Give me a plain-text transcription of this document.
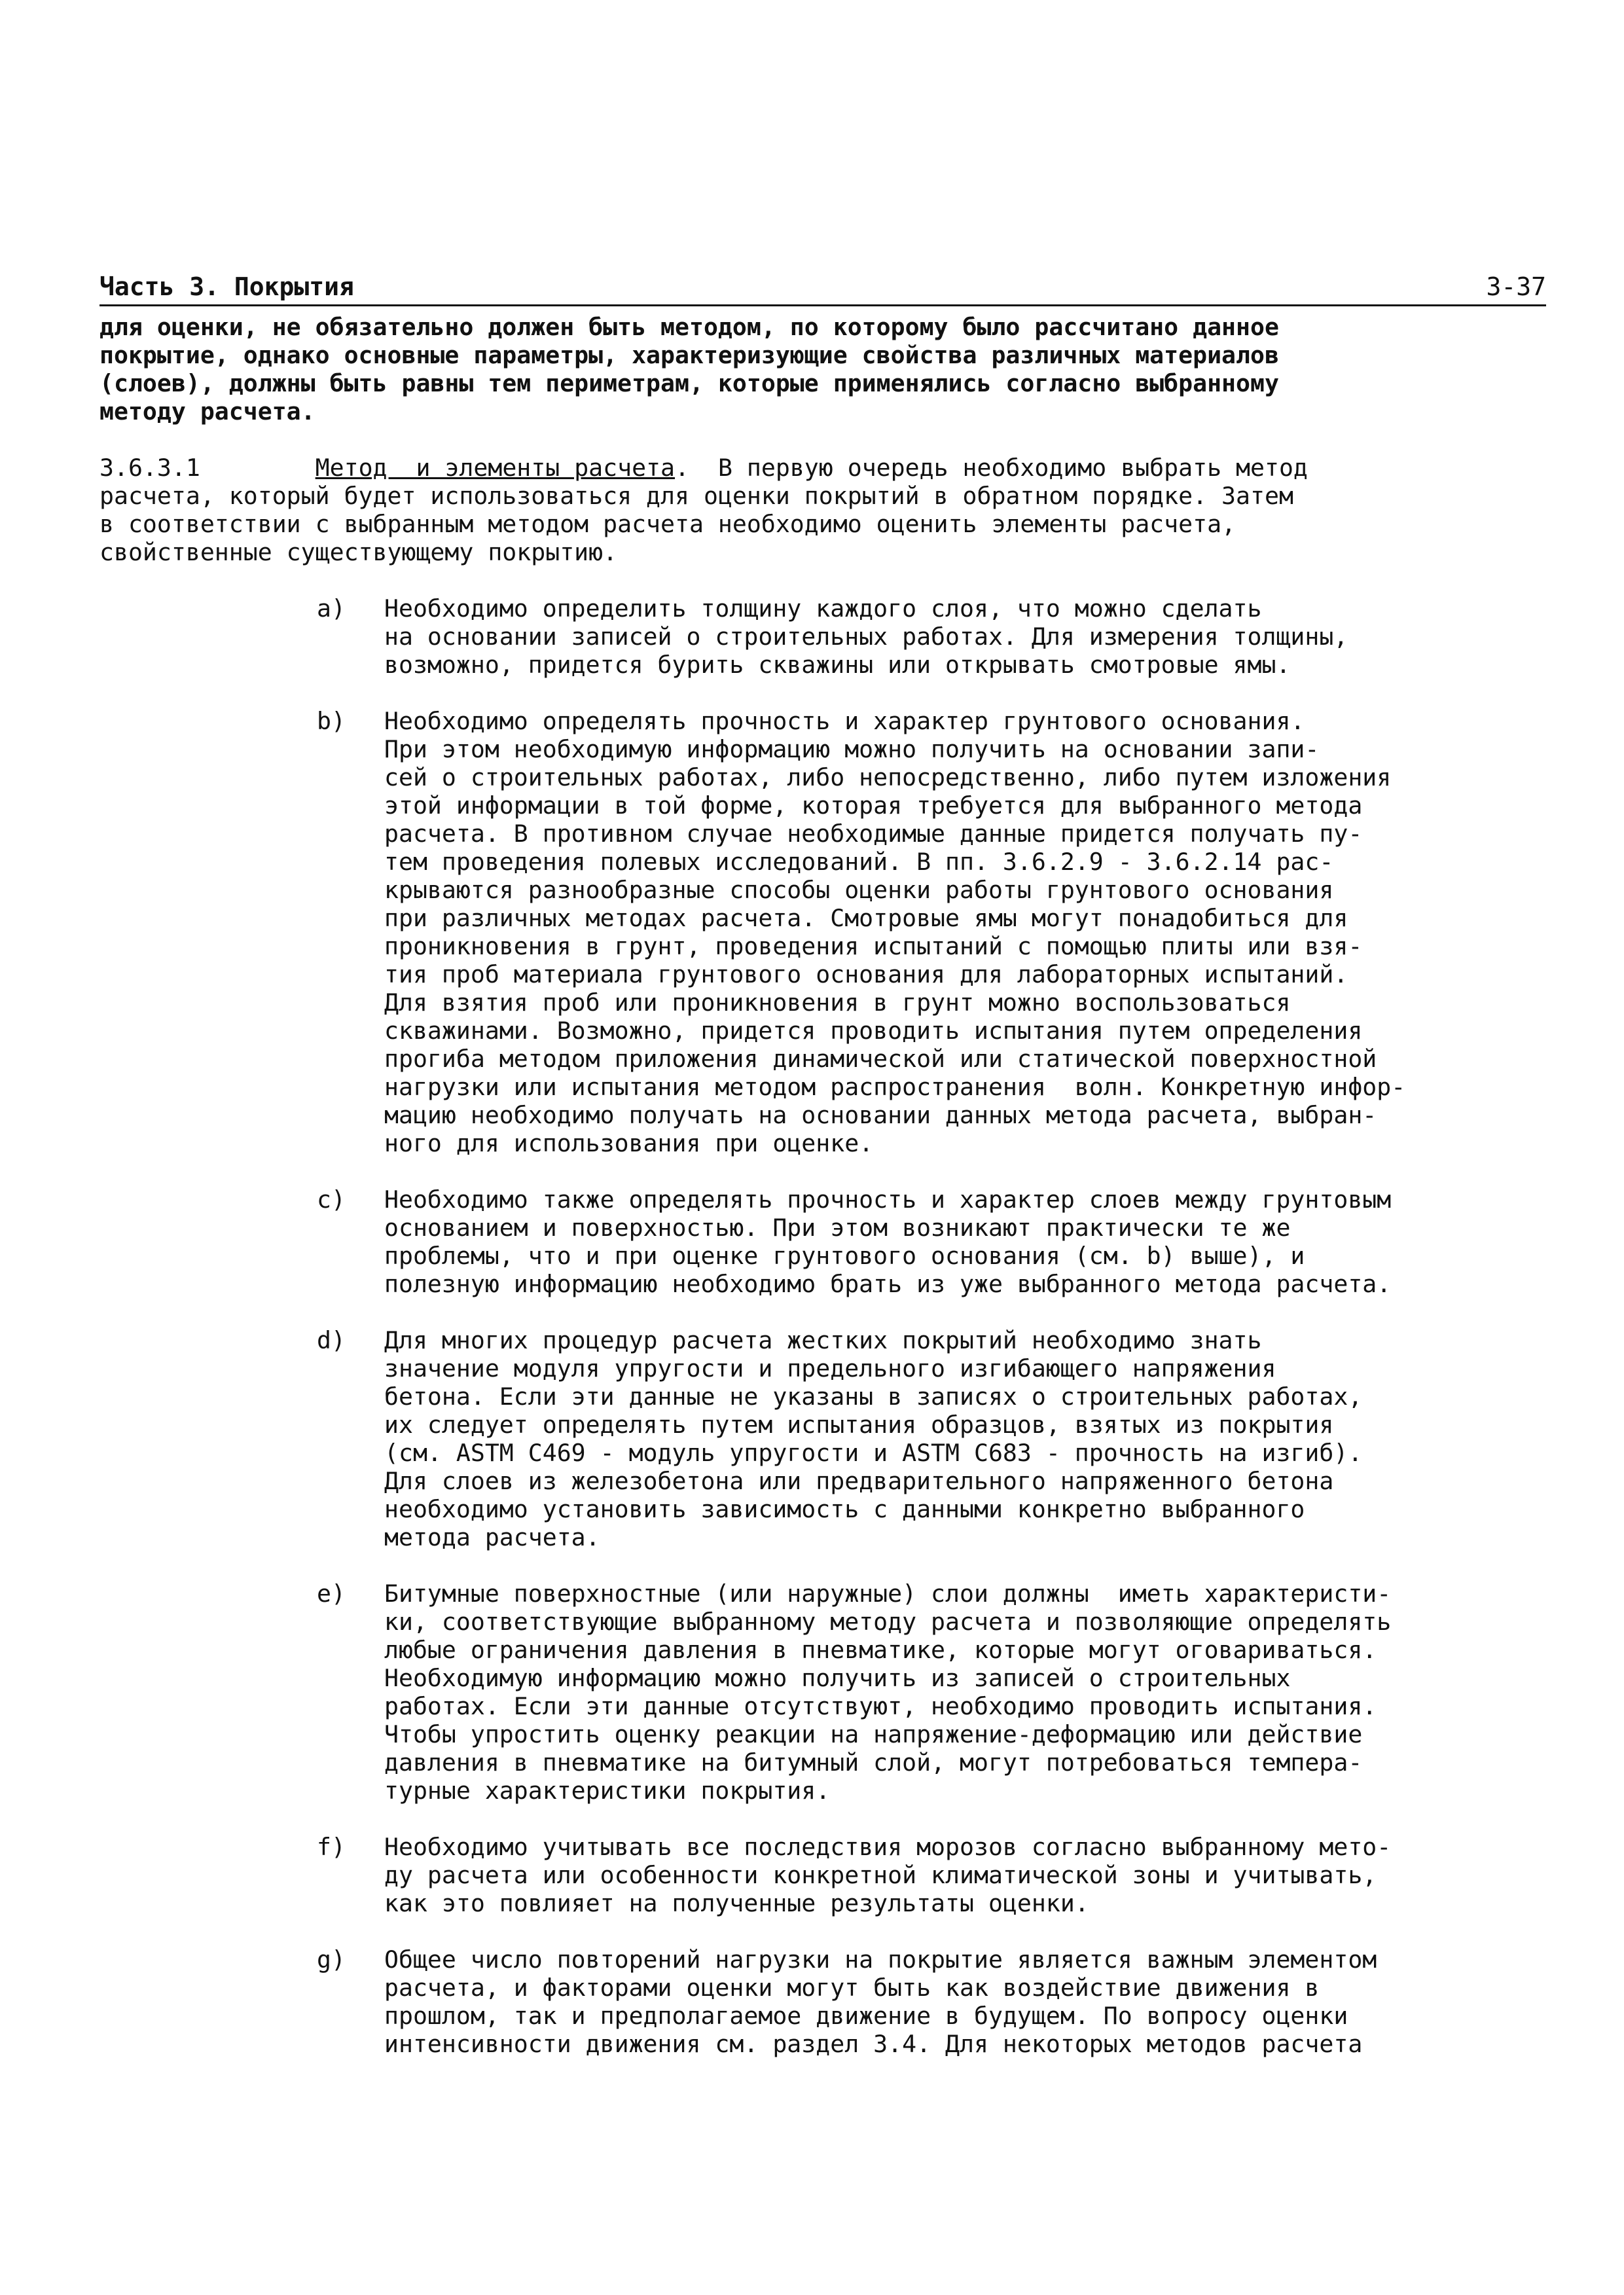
Часть 3. Покрытия	3-37

для оценки, не обязательно должен быть методом, по которому было рассчитано данное
покрытие, однако основные параметры, характеризующие свойства различных материалов
(слоев), должны быть равны тем периметрам, которые применялись согласно выбранному
методу расчета.

3.6.3.1	Метод  и элементы расчета.  В первую очередь необходимо выбрать метод

расчета, который будет использоваться для оценки покрытий в обратном порядке. Затем
в соответствии с выбранным методом расчета необходимо оценить элементы расчета,
свойственные существующему покрытию.

a) Необходимо определить толщину каждого слоя, что можно сделать
на основании записей о строительных работах. Для измерения толщины,
возможно, придется бурить скважины или открывать смотровые ямы.

b) Необходимо определять прочность и характер грунтового основания.
При этом необходимую информацию можно получить на основании запи-
сей о строительных работах, либо непосредственно, либо путем изложения
этой информации в той форме, которая требуется для выбранного метода
расчета. В противном случае необходимые данные придется получать пу-
тем проведения полевых исследований. В пп. 3.6.2.9 - 3.6.2.14 рас-
крываются разнообразные способы оценки работы грунтового основания
при различных методах расчета. Смотровые ямы могут понадобиться для
проникновения в грунт, проведения испытаний с помощью плиты или взя-
тия проб материала грунтового основания для лабораторных испытаний.
Для взятия проб или проникновения в грунт можно воспользоваться
скважинами. Возможно, придется проводить испытания путем определения
прогиба методом приложения динамической или статической поверхностной
нагрузки или испытания методом распространения  волн. Конкретную инфор-
мацию необходимо получать на основании данных метода расчета, выбран-
ного для использования при оценке.

c) Необходимо также определять прочность и характер слоев между грунтовым
основанием и поверхностью. При этом возникают практически те же
проблемы, что и при оценке грунтового основания (см. b) выше), и
полезную информацию необходимо брать из уже выбранного метода расчета.

d) Для многих процедур расчета жестких покрытий необходимо знать
значение модуля упругости и предельного изгибающего напряжения
бетона. Если эти данные не указаны в записях о строительных работах,
их следует определять путем испытания образцов, взятых из покрытия
(см. ASTM C469 - модуль упругости и ASTM C683 - прочность на изгиб).
Для слоев из железобетона или предварительного напряженного бетона
необходимо установить зависимость с данными конкретно выбранного
метода расчета.

e) Битумные поверхностные (или наружные) слои должны  иметь характеристи-
ки, соответствующие выбранному методу расчета и позволяющие определять
любые ограничения давления в пневматике, которые могут оговариваться.
Необходимую информацию можно получить из записей о строительных
работах. Если эти данные отсутствуют, необходимо проводить испытания.
Чтобы упростить оценку реакции на напряжение-деформацию или действие
давления в пневматике на битумный слой, могут потребоваться темпера-
турные характеристики покрытия.

f) Необходимо учитывать все последствия морозов согласно выбранному мето-
ду расчета или особенности конкретной климатической зоны и учитывать,
как это повлияет на полученные результаты оценки.

g) Общее число повторений нагрузки на покрытие является важным элементом
расчета, и факторами оценки могут быть как воздействие движения в
прошлом, так и предполагаемое движение в будущем. По вопросу оценки
интенсивности движения см. раздел 3.4. Для некоторых методов расчета
